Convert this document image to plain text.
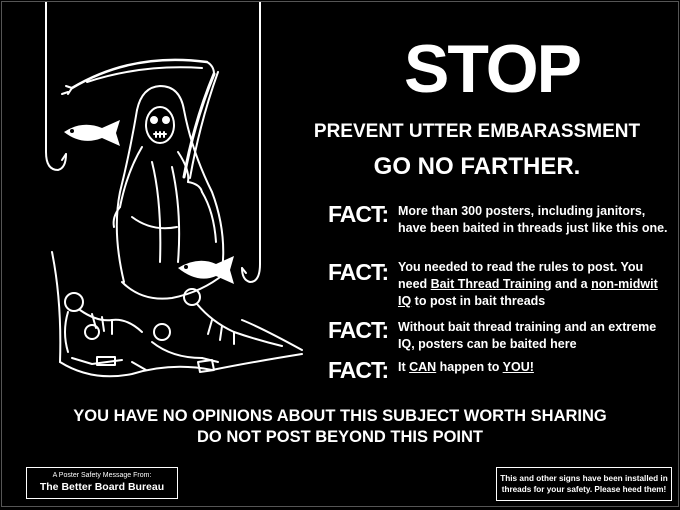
STOP
PREVENT UTTER EMBARASSMENT
GO NO FARTHER.
FACT: More than 300 posters, including janitors, have been baited in threads just like this one.
FACT: You needed to read the rules to post. You need Bait Thread Training and a non-midwit IQ to post in bait threads
FACT: Without bait thread training and an extreme IQ, posters can be baited here
FACT: It CAN happen to YOU!
YOU HAVE NO OPINIONS ABOUT THIS SUBJECT WORTH SHARING
DO NOT POST BEYOND THIS POINT
A Poster Safety Message From:
The Better Board Bureau
This and other signs have been installed in threads for your safety. Please heed them!
